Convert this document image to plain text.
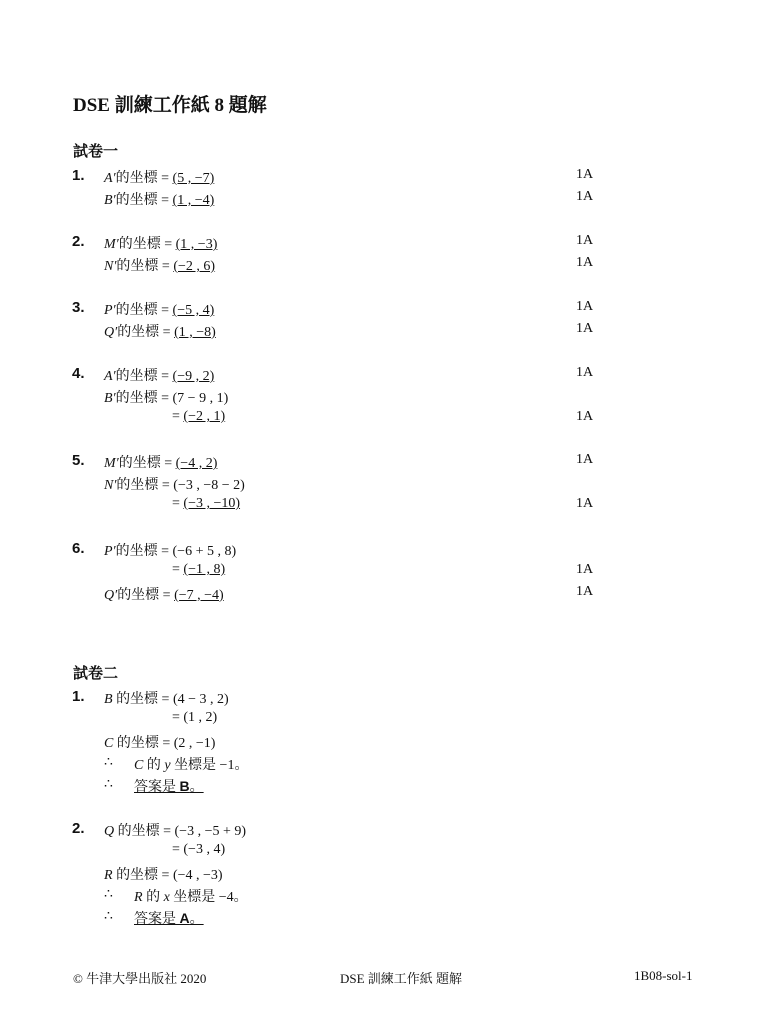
DSE 訓練工作紙 8 題解
試卷一
1. A′的坐標 = (5 , −7)	1A
B′的坐標 = (1 , −4)	1A
2. M′的坐標 = (1 , −3)	1A
N′的坐標 = (−2 , 6)	1A
3. P′的坐標 = (−5 , 4)	1A
Q′的坐標 = (1 , −8)	1A
4. A′的坐標 = (−9 , 2)	1A
B′的坐標 = (7 − 9 , 1)
= (−2 , 1)	1A
5. M′的坐標 = (−4 , 2)	1A
N′的坐標 = (−3 , −8 − 2)
= (−3 , −10)	1A
6. P′的坐標 = (−6 + 5 , 8)
= (−1 , 8)	1A
Q′的坐標 = (−7 , −4)	1A
試卷二
1. B 的坐標 = (4 − 3 , 2)
= (1 , 2)
C 的坐標 = (2 , −1)
∴ C 的 y 坐標是 −1。
∴ 答案是 B。
2. Q 的坐標 = (−3 , −5 + 9)
= (−3 , 4)
R 的坐標 = (−4 , −3)
∴ R 的 x 坐標是 −4。
∴ 答案是 A。
© 牛津大學出版社 2020	DSE 訓練工作紙 題解	1B08-sol-1
